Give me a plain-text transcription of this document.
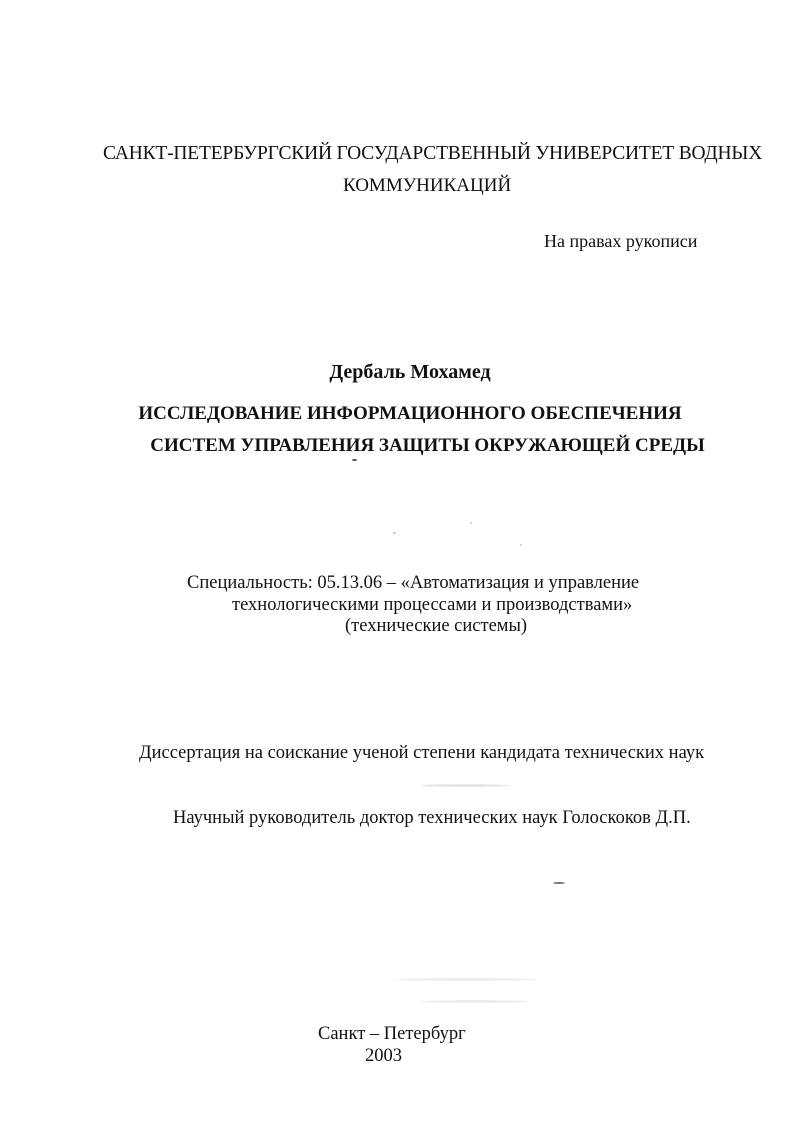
САНКТ-ПЕТЕРБУРГСКИЙ ГОСУДАРСТВЕННЫЙ УНИВЕРСИТЕТ ВОДНЫХ
КОММУНИКАЦИЙ
На правах рукописи
Дербаль Мохамед
ИССЛЕДОВАНИЕ ИНФОРМАЦИОННОГО ОБЕСПЕЧЕНИЯ
СИСТЕМ УПРАВЛЕНИЯ ЗАЩИТЫ ОКРУЖАЮЩЕЙ СРЕДЫ
Специальность: 05.13.06 – «Автоматизация и управление
технологическими процессами и производствами»
(технические системы)
Диссертация на соискание ученой степени кандидата технических наук
Научный руководитель доктор технических наук Голоскоков Д.П.
Санкт – Петербург
2003
